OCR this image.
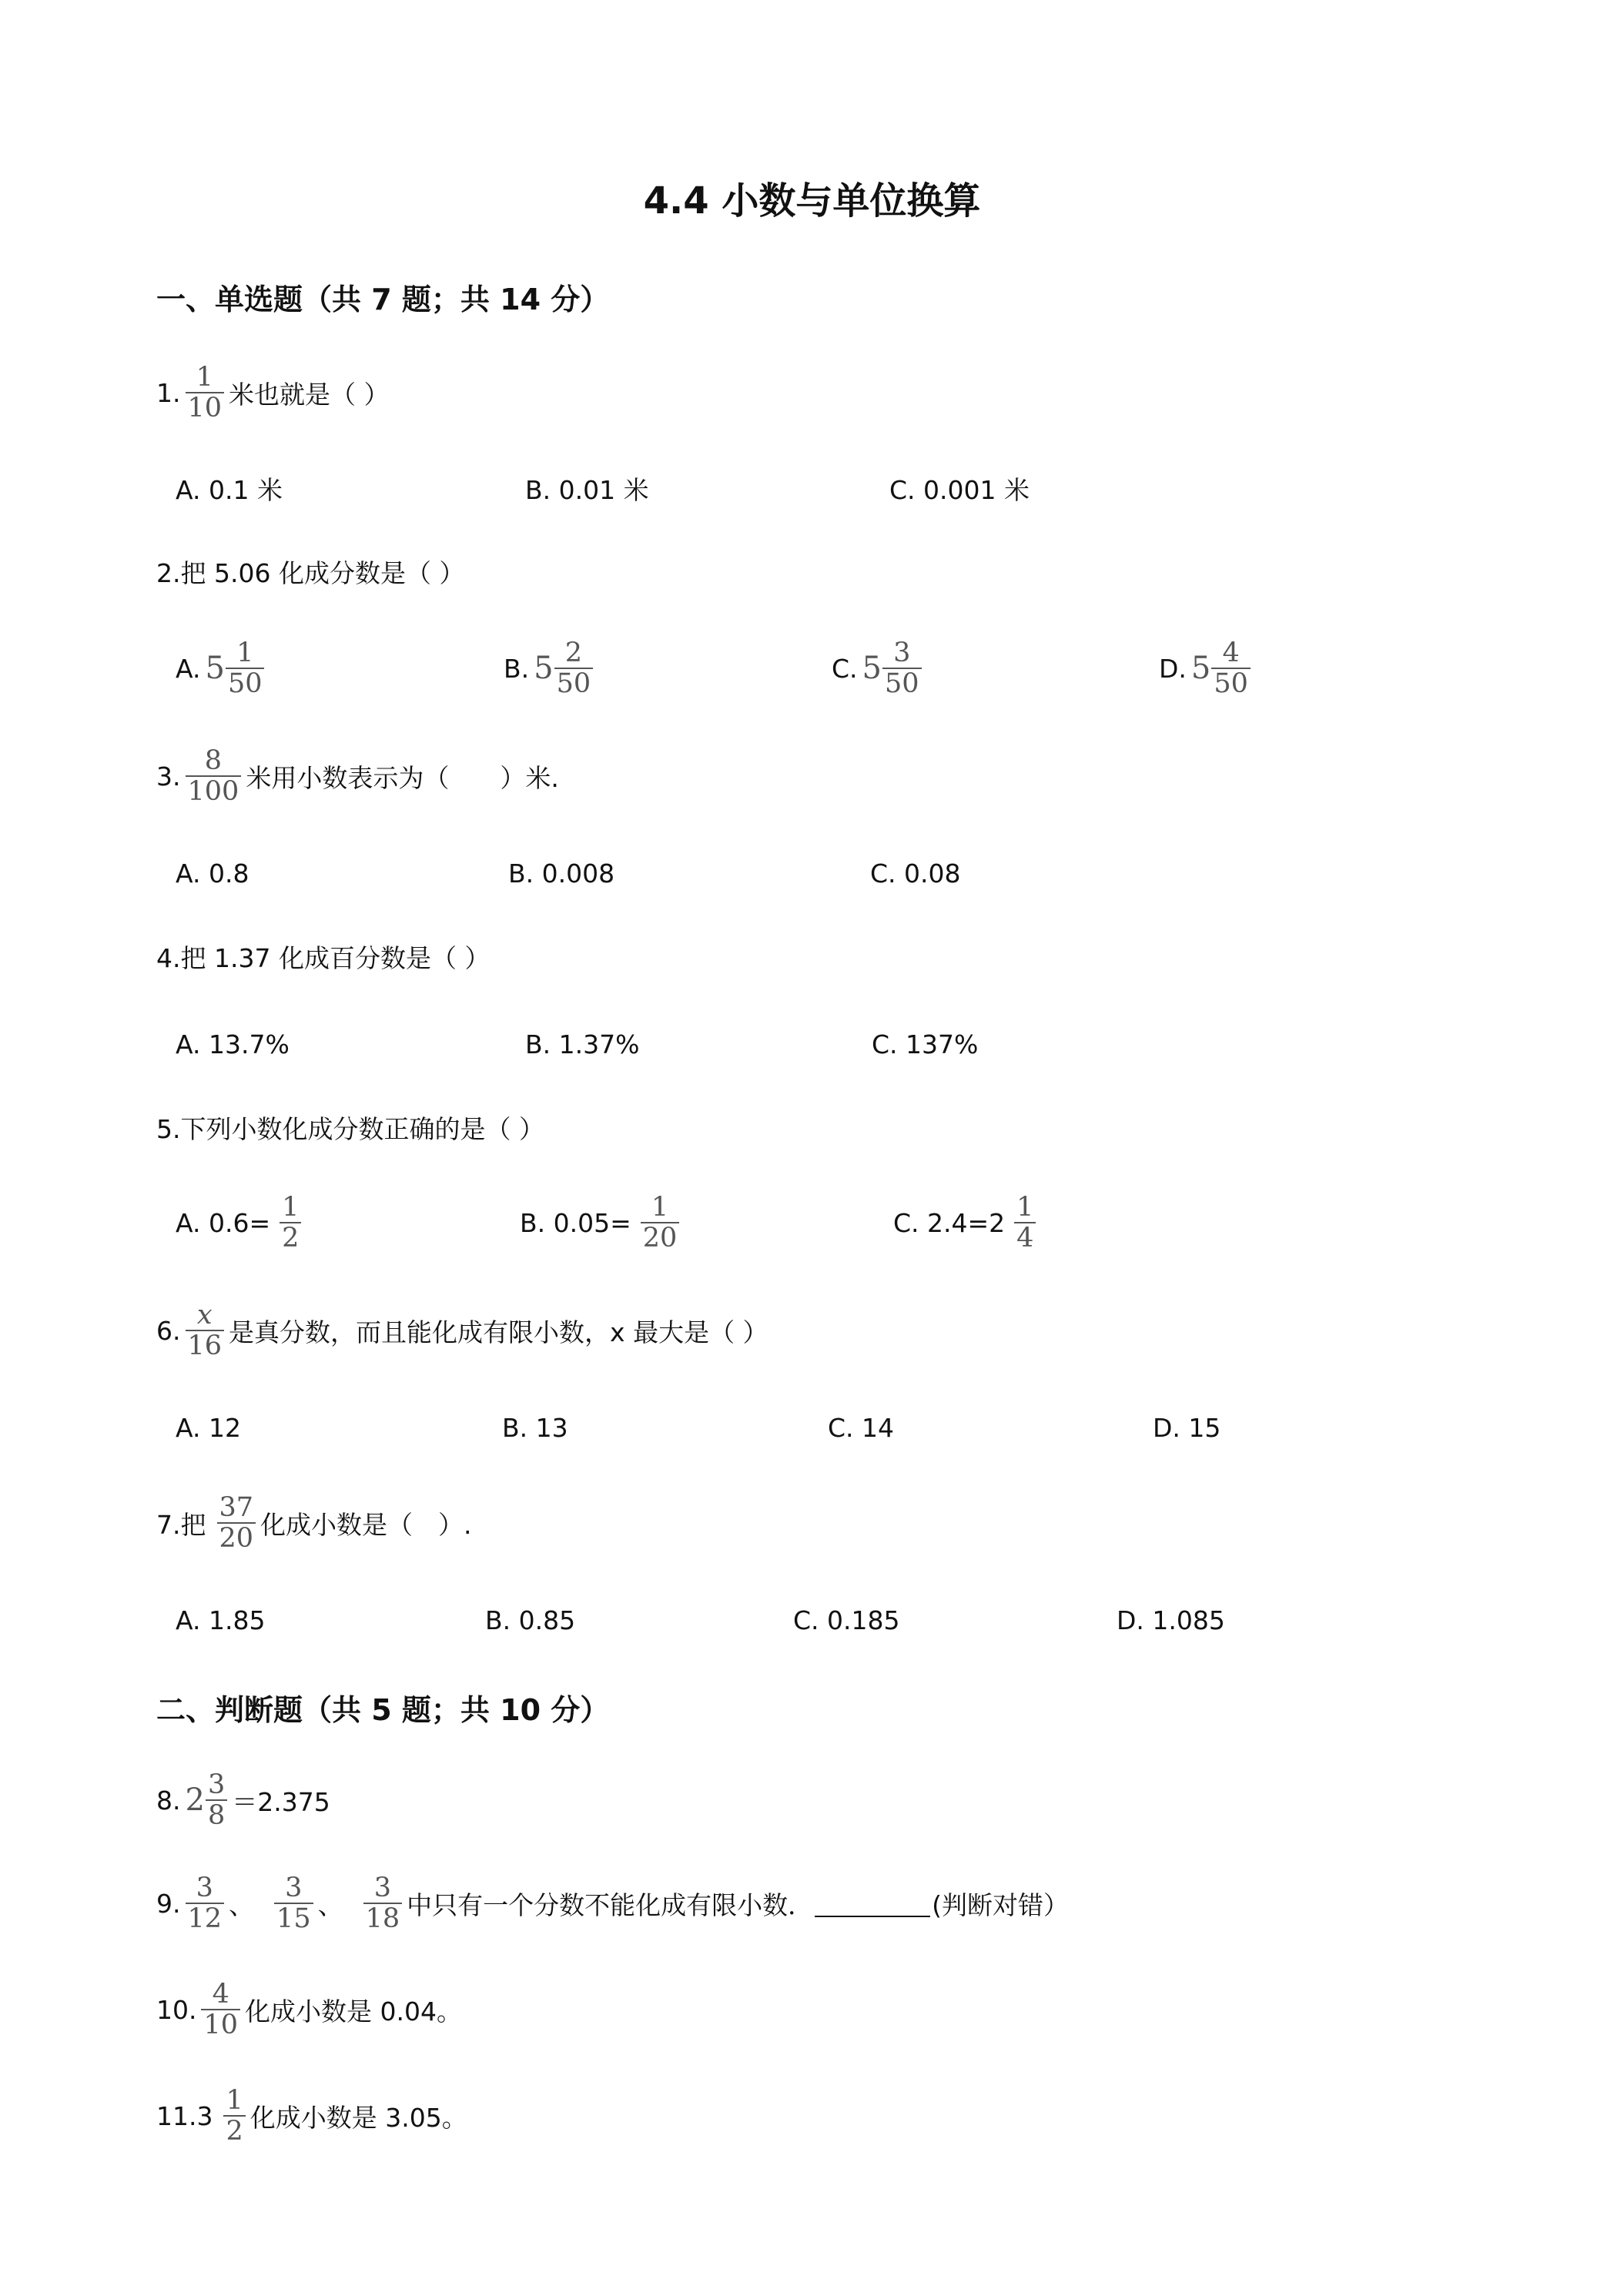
4.4 小数与单位换算
一、单选题（共 7 题；共 14 分）
1. $\frac{1}{10}$ 米也就是（ ）
A. 0.1 米	B. 0.01 米	C. 0.001 米
2.把 5.06 化成分数是（ ）
A. $5 \frac{1}{50}$	B. $5 \frac{2}{50}$	C. $5 \frac{3}{50}$	D. $5 \frac{4}{50}$
3. $\frac{8}{100}$ 米用小数表示为（　　）米.
A. 0.8	B. 0.008	C. 0.08
4.把 1.37 化成百分数是（ ）
A. 13.7%	B. 1.37%	C. 137%
5.下列小数化成分数正确的是（ ）
A. $0.6= \frac{1}{2}$	B. $0.05= \frac{1}{20}$	C. $2.4=2 \frac{1}{4}$
6. $\frac{x}{16}$ 是真分数，而且能化成有限小数，x 最大是（ ）
A. 12	B. 13	C. 14	D. 15
7.把 $\frac{37}{20}$ 化成小数是（　）.
A. 1.85	B. 0.85	C. 0.185	D. 1.085
二、判断题（共 5 题；共 10 分）
8. $2 \frac{3}{8} =2.375$
9. $\frac{3}{12}$ 、 $\frac{3}{15}$ 、 $\frac{3}{18}$ 中只有一个分数不能化成有限小数．	(判断对错）
10. $\frac{4}{10}$ 化成小数是 0.04。
$11.3 \frac{1}{2}$ 化成小数是 3.05。
